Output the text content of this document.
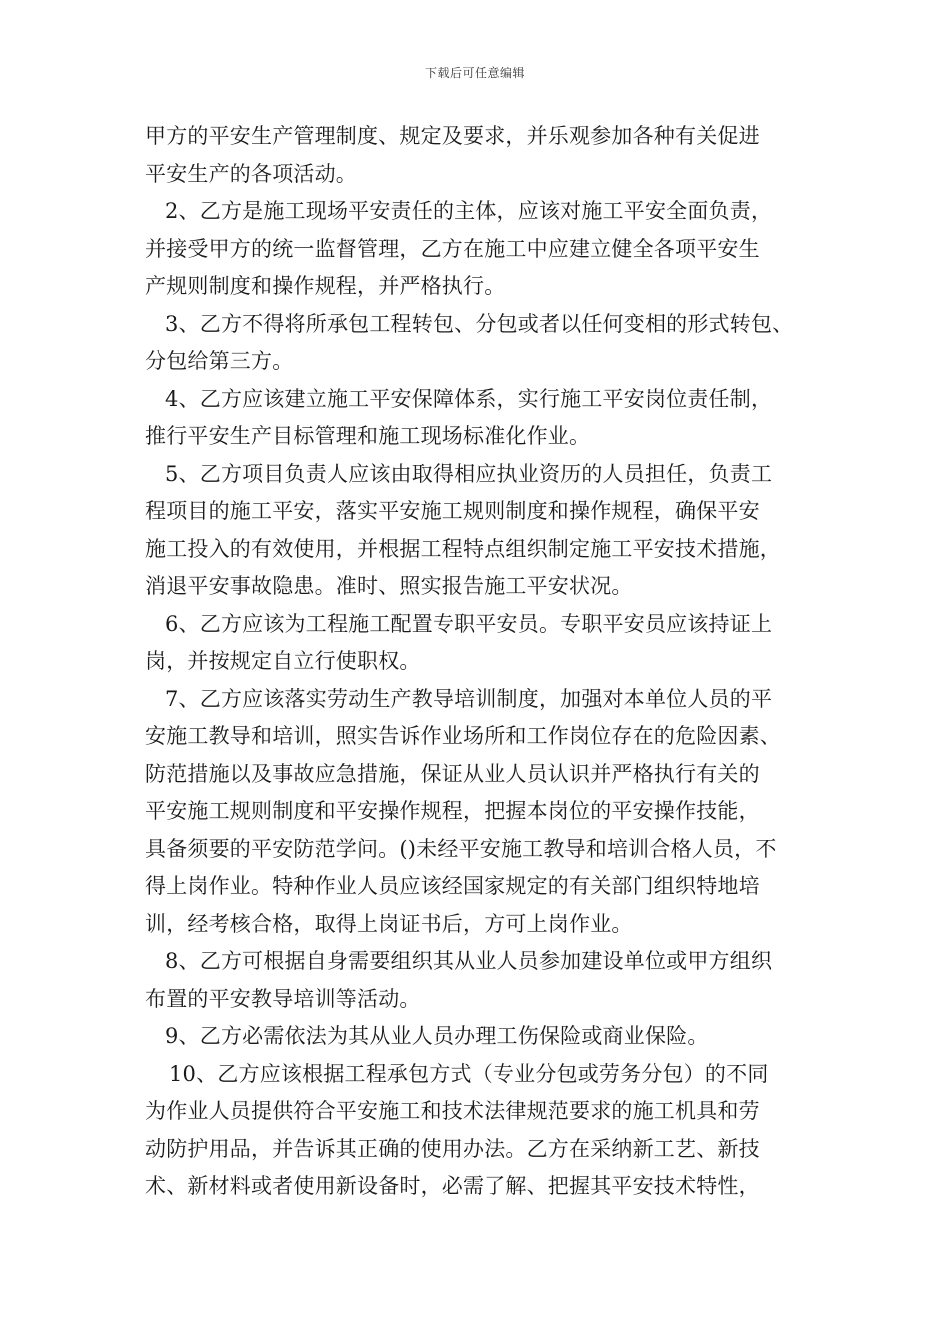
下载后可任意编辑
甲方的平安生产管理制度、规定及要求，并乐观参加各种有关促进
平安生产的各项活动。
2、乙方是施工现场平安责任的主体，应该对施工平安全面负责，
并接受甲方的统一监督管理，乙方在施工中应建立健全各项平安生
产规则制度和操作规程，并严格执行。
3、乙方不得将所承包工程转包、分包或者以任何变相的形式转包、
分包给第三方。
4、乙方应该建立施工平安保障体系，实行施工平安岗位责任制，
推行平安生产目标管理和施工现场标准化作业。
5、乙方项目负责人应该由取得相应执业资历的人员担任，负责工
程项目的施工平安，落实平安施工规则制度和操作规程，确保平安
施工投入的有效使用，并根据工程特点组织制定施工平安技术措施，
消退平安事故隐患。准时、照实报告施工平安状况。
6、乙方应该为工程施工配置专职平安员。专职平安员应该持证上
岗，并按规定自立行使职权。
7、乙方应该落实劳动生产教导培训制度，加强对本单位人员的平
安施工教导和培训，照实告诉作业场所和工作岗位存在的危险因素、
防范措施以及事故应急措施，保证从业人员认识并严格执行有关的
平安施工规则制度和平安操作规程，把握本岗位的平安操作技能，
具备须要的平安防范学问。()未经平安施工教导和培训合格人员，不
得上岗作业。特种作业人员应该经国家规定的有关部门组织特地培
训，经考核合格，取得上岗证书后，方可上岗作业。
8、乙方可根据自身需要组织其从业人员参加建设单位或甲方组织
布置的平安教导培训等活动。
9、乙方必需依法为其从业人员办理工伤保险或商业保险。
10、乙方应该根据工程承包方式（专业分包或劳务分包）的不同
为作业人员提供符合平安施工和技术法律规范要求的施工机具和劳
动防护用品，并告诉其正确的使用办法。乙方在采纳新工艺、新技
术、新材料或者使用新设备时，必需了解、把握其平安技术特性，
